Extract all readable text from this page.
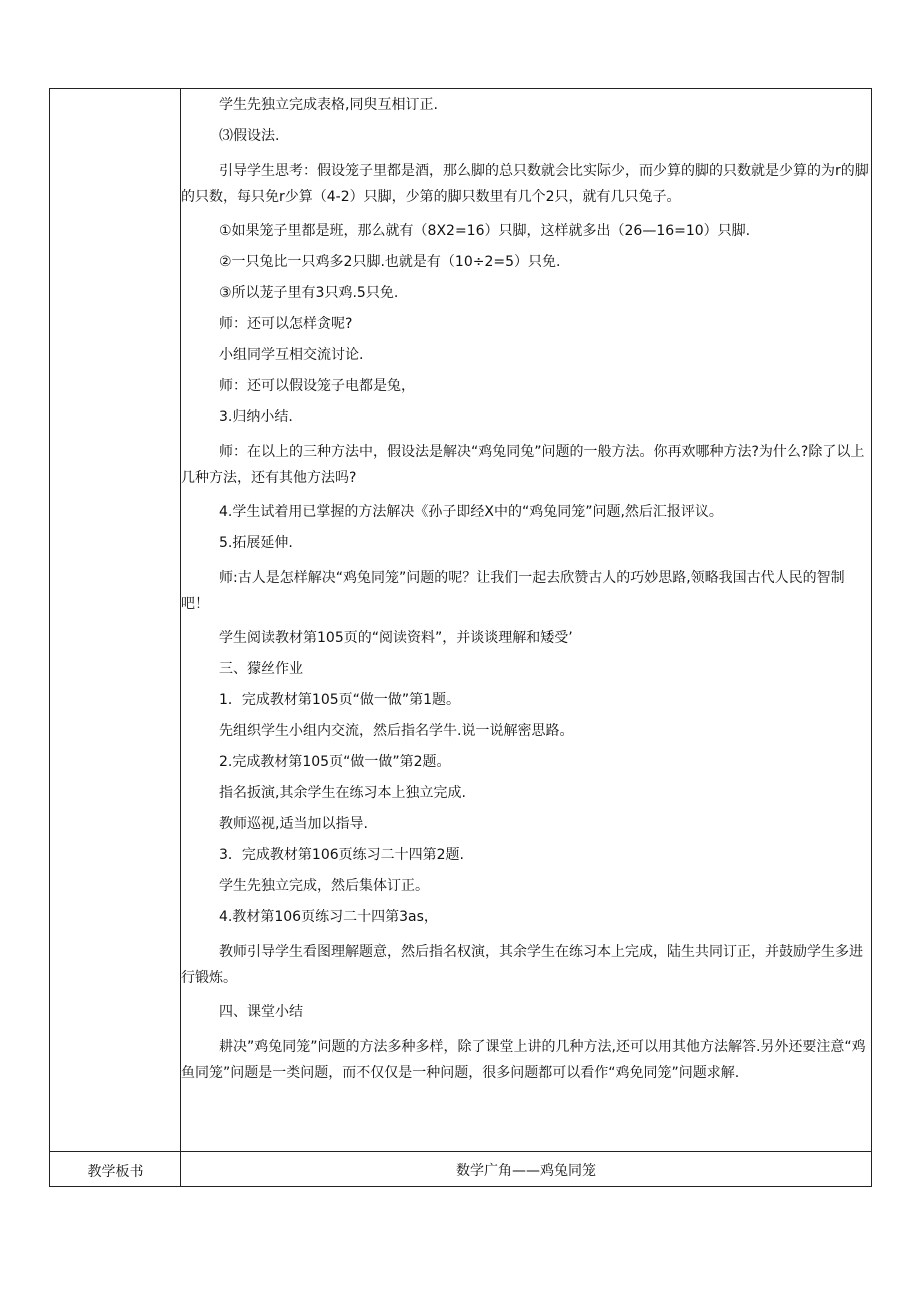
学生先独立完成表格,同臾互相订正.

⑶假设法.

引导学生思考：假设笼子里都是酒，那么脚的总只数就会比实际少，而少算的脚的只数就是少算的为r的脚的只数，每只免r少算（4-2）只脚，少第的脚只数里有几个2只，就有几只兔子。

①如果笼子里都是班，那么就有（8X2=16）只脚，这样就多出（26—16=10）只脚.

②一只兔比一只鸡多2只脚.也就是有（10÷2=5）只免.

③所以茏子里有3只鸡.5只免.

师：还可以怎样贪呢?

小组同学互相交流讨论.

师：还可以假设笼子电都是兔，

3.归纳小结.

师：在以上的三种方法中，假设法是解决“鸡兔同兔”问题的一般方法。你再欢哪种方法?为什么?除了以上几种方法，还有其他方法吗?

4.学生试着用已掌握的方法解决《孙子即经X中的“鸡兔同笼”问题,然后汇报评议。

5.拓展延伸.

师:古人是怎样解决“鸡兔同笼”问题的呢？让我们一起去欣赞古人的巧妙思路,领略我国古代人民的智制吧！

学生阅读教材第105页的“阅读资料”，并谈谈理解和矮受’

三、獴丝作业

1．完成教材第105页“做一做”第1题。

先组织学生小组内交流，然后指名学牛.说一说解密思路。

2.完成教材第105页“做一做”第2题。

指名扳演,其余学生在练习本上独立完成.

教师巡视,适当加以指导.

3．完成教材第106页练习二十四第2题.

学生先独立完成，然后集体订正。

4.教材第106页练习二十四第3as，

教师引导学生看图理解题意，然后指名权演，其余学生在练习本上完成，陆生共同订正，并鼓励学生多进行锻炼。

四、课堂小结

耕决”鸡兔同笼”问题的方法多种多样，除了课堂上讲的几种方法,还可以用其他方法解答.另外还要注意“鸡鱼同笼”问题是一类问题，而不仅仅是一种问题，很多问题都可以看作“鸡免同笼”问题求解.

教学板书	数学广角——鸡兔同笼
